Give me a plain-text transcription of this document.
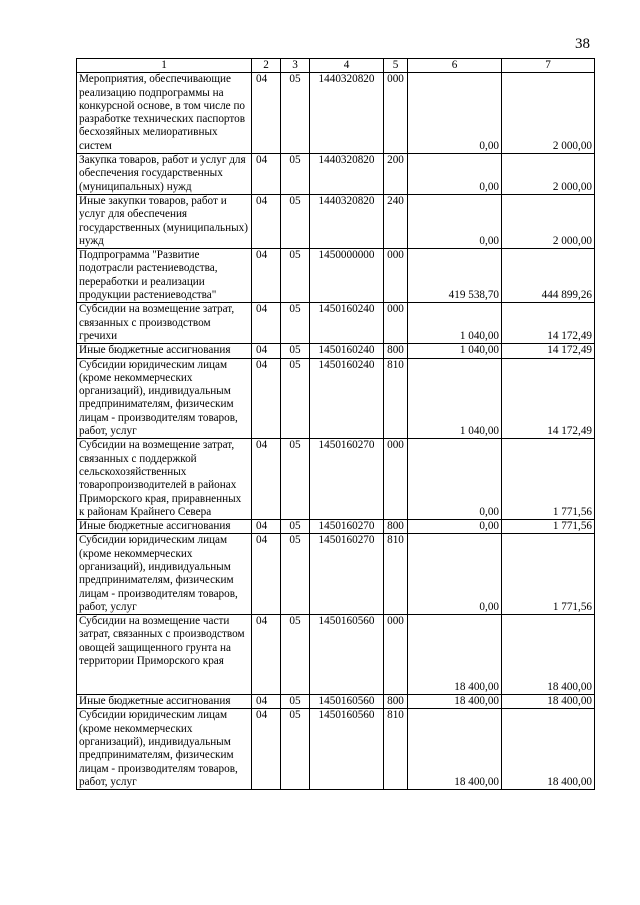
38
1	2	3	4	5	6	7
Мероприятия, обеспечивающие реализацию подпрограммы на конкурсной основе, в том числе по разработке технических паспортов бесхозяйных мелиоративных систем	04	05	1440320820	000	0,00	2 000,00
Закупка товаров, работ и услуг для обеспечения государственных (муниципальных) нужд	04	05	1440320820	200	0,00	2 000,00
Иные закупки товаров, работ и услуг для обеспечения государственных (муниципальных) нужд	04	05	1440320820	240	0,00	2 000,00
Подпрограмма "Развитие подотрасли растениеводства, переработки и реализации продукции растениеводства"	04	05	1450000000	000	419 538,70	444 899,26
Субсидии на возмещение затрат, связанных с производством гречихи	04	05	1450160240	000	1 040,00	14 172,49
Иные бюджетные ассигнования	04	05	1450160240	800	1 040,00	14 172,49
Субсидии юридическим лицам (кроме некоммерческих организаций), индивидуальным предпринимателям, физическим лицам - производителям товаров, работ, услуг	04	05	1450160240	810	1 040,00	14 172,49
Субсидии на возмещение затрат, связанных с поддержкой сельскохозяйственных товаропроизводителей в районах Приморского края, приравненных к районам Крайнего Севера	04	05	1450160270	000	0,00	1 771,56
Иные бюджетные ассигнования	04	05	1450160270	800	0,00	1 771,56
Субсидии юридическим лицам (кроме некоммерческих организаций), индивидуальным предпринимателям, физическим лицам - производителям товаров, работ, услуг	04	05	1450160270	810	0,00	1 771,56
Субсидии на возмещение части затрат, связанных с производством овощей защищенного грунта на территории Приморского края	04	05	1450160560	000	18 400,00	18 400,00
Иные бюджетные ассигнования	04	05	1450160560	800	18 400,00	18 400,00
Субсидии юридическим лицам (кроме некоммерческих организаций), индивидуальным предпринимателям, физическим лицам - производителям товаров, работ, услуг	04	05	1450160560	810	18 400,00	18 400,00
